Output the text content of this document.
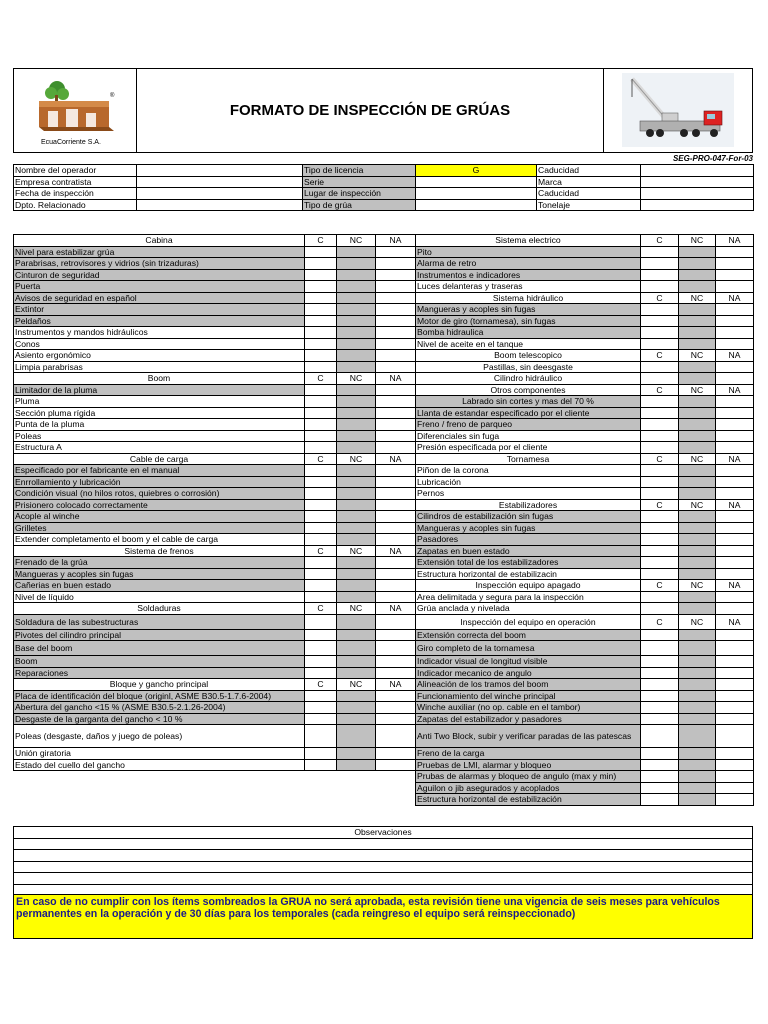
®
EcuaCorriente S.A.
FORMATO DE INSPECCIÓN DE GRÚAS
SEG-PRO-047-For-03
Nombre del operador		Tipo de licencia	G	Caducidad	
Empresa contratista		Serie		Marca	
Fecha de inspección		Lugar de inspección		Caducidad	
Dpto. Relacionado		Tipo de grúa		Tonelaje	
Cabina	C	NC	NA	Sistema electrico	C	NC	NA
Nivel para estabilizar grúa				Pito			
Parabrisas, retrovisores y vidrios (sin trizaduras)				Alarma de retro			
Cinturon de seguridad				Instrumentos e indicadores			
Puerta				Luces delanteras y traseras			
Avisos de seguridad en español				Sistema hidráulico	C	NC	NA
Extintor				Mangueras y acoples sin fugas			
Peldaños				Motor de giro (tornamesa), sin fugas			
Instrumentos y mandos hidráulicos				Bomba hidraulica			
Conos				Nivel de aceite en el tanque			
Asiento ergonómico				Boom telescopico	C	NC	NA
Limpia parabrisas				Pastillas, sin deesgaste			
Boom	C	NC	NA	Cilindro hidráulico			
Limitador de la pluma				Otros componentes	C	NC	NA
Pluma				Labrado sin cortes y mas del 70 %			
Sección pluma rígida				Llanta de estandar especificado por el cliente			
Punta de la pluma				Freno / freno de parqueo			
Poleas				Diferenciales sin fuga			
Estructura A				Presión especificada por el cliente			
Cable de carga	C	NC	NA	Tornamesa	C	NC	NA
Especificado por el fabricante en el manual				Piñon de la corona			
Enrrollamiento y lubricación				Lubricación			
Condición visual (no hilos rotos, quiebres o corrosión)				Pernos			
Prisionero colocado correctamente				Estabilizadores	C	NC	NA
Acople al winche				Cilindros de estabilización sin fugas			
Grilletes				Mangueras y acoples sin fugas			
Extender completamento el boom y el cable de carga				Pasadores			
Sistema de frenos	C	NC	NA	Zapatas en buen estado			
Frenado de la grúa				Extensión total de los estabilizadores			
Mangueras y acoples sin fugas				Estructura horizontal de estabilizacin			
Cañerias en buen estado				Inspección equipo apagado	C	NC	NA
Nivel de líquido				Area delimitada y segura para la inspección			
Soldaduras	C	NC	NA	Grúa anclada y nivelada			
Soldadura de las subestructuras				Inspección del equipo en operación	C	NC	NA
Pivotes del cilindro principal				Extensión correcta del boom			
Base del boom				Giro completo de la tornamesa			
Boom				Indicador visual de longitud visible			
Reparaciones				Indicador mecanico de angulo			
Bloque y gancho principal	C	NC	NA	Alineación de los tramos del boom			
Placa de identificación del bloque (originl, ASME B30.5-1.7.6-2004)				Funcionamiento del winche principal			
Abertura del gancho <15 % (ASME B30.5-2.1.26-2004)				Winche auxiliar (no op. cable en el tambor)			
Desgaste de la garganta del gancho < 10 %				Zapatas del estabilizador y pasadores			
Poleas (desgaste, daños y juego de poleas)				Anti Two Block, subir y verificar paradas de las patescas			
Unión giratoria				Freno de la carga			
Estado del cuello del gancho				Pruebas de LMI, alarmar y bloqueo			
				Prubas de alarmas y bloqueo de angulo (max y min)			
				Aguilon o jib asegurados y acoplados			
				Estructura horizontal de estabilización			
Observaciones

En caso de no cumplir con los ítems sombreados la GRUA no será aprobada, esta revisión tiene una vigencia de seis meses para vehículos permanentes en la operación y de 30 días para los temporales (cada reingreso el equipo será reinspeccionado)
